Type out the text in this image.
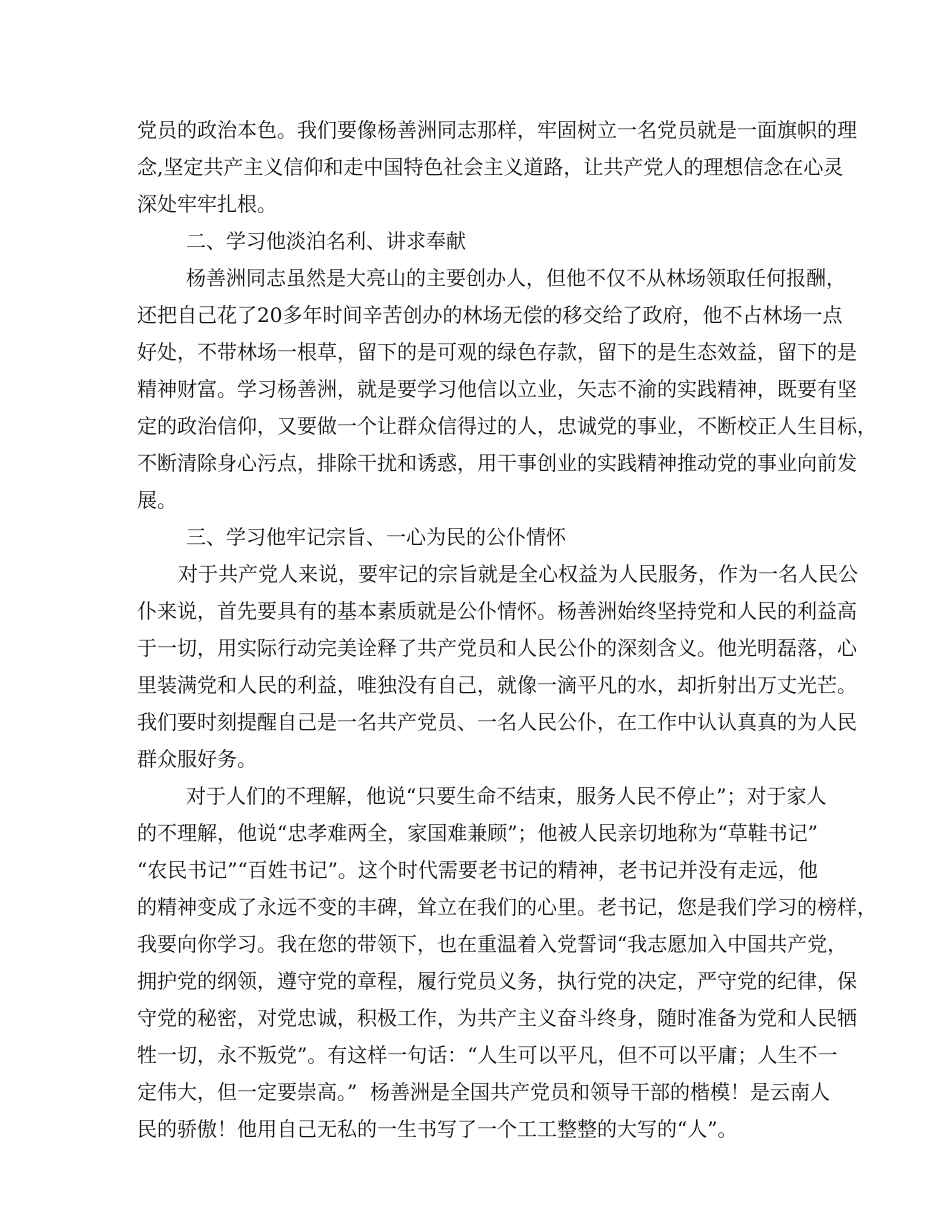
党员的政治本色。我们要像杨善洲同志那样，牢固树立一名党员就是一面旗帜的理
念,坚定共产主义信仰和走中国特色社会主义道路，让共产党人的理想信念在心灵
深处牢牢扎根。
二、学习他淡泊名利、讲求奉献
杨善洲同志虽然是大亮山的主要创办人，但他不仅不从林场领取任何报酬，
还把自己花了20多年时间辛苦创办的林场无偿的移交给了政府，他不占林场一点
好处，不带林场一根草，留下的是可观的绿色存款，留下的是生态效益，留下的是
精神财富。学习杨善洲，就是要学习他信以立业，矢志不渝的实践精神，既要有坚
定的政治信仰，又要做一个让群众信得过的人，忠诚党的事业，不断校正人生目标，
不断清除身心污点，排除干扰和诱惑，用干事创业的实践精神推动党的事业向前发
展。
三、学习他牢记宗旨、一心为民的公仆情怀
对于共产党人来说，要牢记的宗旨就是全心权益为人民服务，作为一名人民公
仆来说，首先要具有的基本素质就是公仆情怀。杨善洲始终坚持党和人民的利益高
于一切，用实际行动完美诠释了共产党员和人民公仆的深刻含义。他光明磊落，心
里装满党和人民的利益，唯独没有自己，就像一滴平凡的水，却折射出万丈光芒。
我们要时刻提醒自己是一名共产党员、一名人民公仆，在工作中认认真真的为人民
群众服好务。
对于人们的不理解，他说“只要生命不结束，服务人民不停止”；对于家人
的不理解，他说“忠孝难两全，家国难兼顾”；他被人民亲切地称为“草鞋书记”
“农民书记”“百姓书记”。这个时代需要老书记的精神，老书记并没有走远，他
的精神变成了永远不变的丰碑，耸立在我们的心里。老书记，您是我们学习的榜样，
我要向你学习。我在您的带领下，也在重温着入党誓词“我志愿加入中国共产党，
拥护党的纲领，遵守党的章程，履行党员义务，执行党的决定，严守党的纪律，保
守党的秘密，对党忠诚，积极工作，为共产主义奋斗终身，随时准备为党和人民牺
牲一切，永不叛党”。有这样一句话：“人生可以平凡，但不可以平庸；人生不一
定伟大，但一定要崇高。”  杨善洲是全国共产党员和领导干部的楷模！是云南人
民的骄傲！他用自己无私的一生书写了一个工工整整的大写的“人”。
